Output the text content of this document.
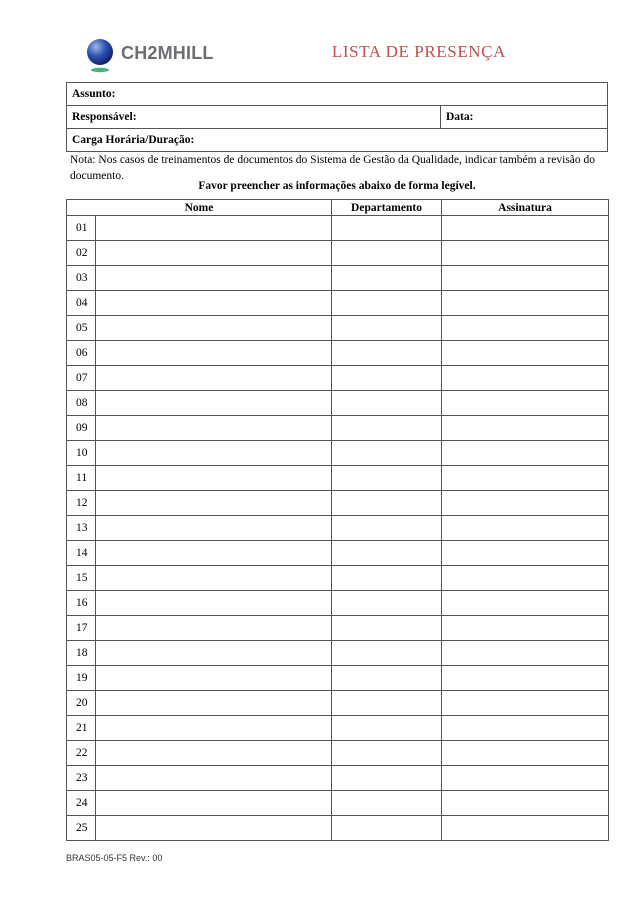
CH2MHILL	LISTA DE PRESENÇA
Assunto:
Responsável:	Data:
Carga Horária/Duração:
Nota: Nos casos de treinamentos de documentos do Sistema de Gestão da Qualidade, indicar também a revisão do documento.
Favor preencher as informações abaixo de forma legível.
Nome		Departamento	Assinatura
01			
02			
03			
04			
05			
06			
07			
08			
09			
10			
11			
12			
13			
14			
15			
16			
17			
18			
19			
20			
21			
22			
23			
24			
25			
BRAS05-05-F5 Rev.: 00
